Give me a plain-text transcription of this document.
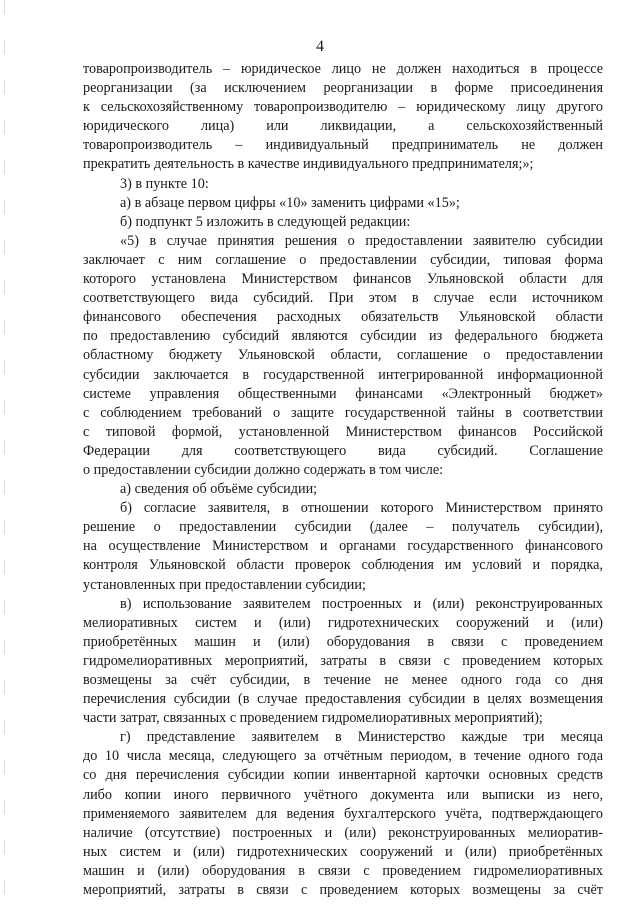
4
товаропроизводитель – юридическое лицо не должен находиться в процессе
реорганизации (за исключением реорганизации в форме присоединения
к сельскохозяйственному товаропроизводителю – юридическому лицу другого
юридического лица) или ликвидации, а сельскохозяйственный
товаропроизводитель – индивидуальный предприниматель не должен
прекратить деятельность в качестве индивидуального предпринимателя;»;
3) в пункте 10:
а) в абзаце первом цифры «10» заменить цифрами «15»;
б) подпункт 5 изложить в следующей редакции:
«5) в случае принятия решения о предоставлении заявителю субсидии
заключает с ним соглашение о предоставлении субсидии, типовая форма
которого установлена Министерством финансов Ульяновской области для
соответствующего вида субсидий. При этом в случае если источником
финансового обеспечения расходных обязательств Ульяновской области
по предоставлению субсидий являются субсидии из федерального бюджета
областному бюджету Ульяновской области, соглашение о предоставлении
субсидии заключается в государственной интегрированной информационной
системе управления общественными финансами «Электронный бюджет»
с соблюдением требований о защите государственной тайны в соответствии
с типовой формой, установленной Министерством финансов Российской
Федерации для соответствующего вида субсидий. Соглашение
о предоставлении субсидии должно содержать в том числе:
а) сведения об объёме субсидии;
б) согласие заявителя, в отношении которого Министерством принято
решение о предоставлении субсидии (далее – получатель субсидии),
на осуществление Министерством и органами государственного финансового
контроля Ульяновской области проверок соблюдения им условий и порядка,
установленных при предоставлении субсидии;
в) использование заявителем построенных и (или) реконструированных
мелиоративных систем и (или) гидротехнических сооружений и (или)
приобретённых машин и (или) оборудования в связи с проведением
гидромелиоративных мероприятий, затраты в связи с проведением которых
возмещены за счёт субсидии, в течение не менее одного года со дня
перечисления субсидии (в случае предоставления субсидии в целях возмещения
части затрат, связанных с проведением гидромелиоративных мероприятий);
г) представление заявителем в Министерство каждые три месяца
до 10 числа месяца, следующего за отчётным периодом, в течение одного года
со дня перечисления субсидии копии инвентарной карточки основных средств
либо копии иного первичного учётного документа или выписки из него,
применяемого заявителем для ведения бухгалтерского учёта, подтверждающего
наличие (отсутствие) построенных и (или) реконструированных мелиоратив-
ных систем и (или) гидротехнических сооружений и (или) приобретённых
машин и (или) оборудования в связи с проведением гидромелиоративных
мероприятий, затраты в связи с проведением которых возмещены за счёт
